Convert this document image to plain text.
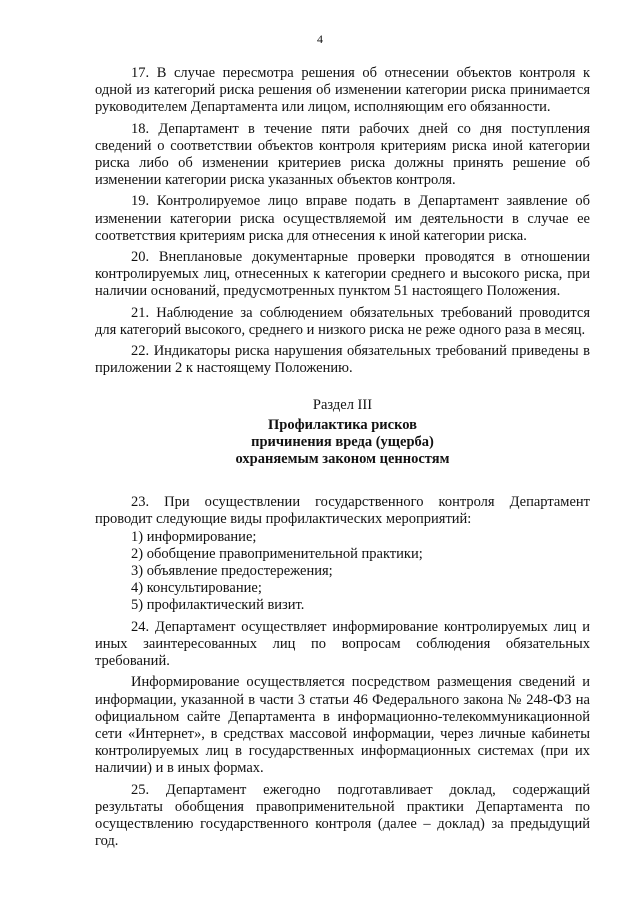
4

17. В случае пересмотра решения об отнесении объектов контроля к одной из категорий риска решения об изменении категории риска принимается руководителем Департамента или лицом, исполняющим его обязанности.

18. Департамент в течение пяти рабочих дней со дня поступления сведений о соответствии объектов контроля критериям риска иной категории риска либо об изменении критериев риска должны принять решение об изменении категории риска указанных объектов контроля.

19. Контролируемое лицо вправе подать в Департамент заявление об изменении категории риска осуществляемой им деятельности в случае ее соответствия критериям риска для отнесения к иной категории риска.

20. Внеплановые документарные проверки проводятся в отношении контролируемых лиц, отнесенных к категории среднего и высокого риска, при наличии оснований, предусмотренных пунктом 51 настоящего Положения.

21. Наблюдение за соблюдением обязательных требований проводится для категорий высокого, среднего и низкого риска не реже одного раза в месяц.

22. Индикаторы риска нарушения обязательных требований приведены в приложении 2 к настоящему Положению.

Раздел III
Профилактика рисков
причинения вреда (ущерба)
охраняемым законом ценностям

23. При осуществлении государственного контроля Департамент проводит следующие виды профилактических мероприятий:

1) информирование;
2) обобщение правоприменительной практики;
3) объявление предостережения;
4) консультирование;
5) профилактический визит.

24. Департамент осуществляет информирование контролируемых лиц и иных заинтересованных лиц по вопросам соблюдения обязательных требований.

Информирование осуществляется посредством размещения сведений и информации, указанной в части 3 статьи 46 Федерального закона № 248-ФЗ на официальном сайте Департамента в информационно-телекоммуникационной сети «Интернет», в средствах массовой информации, через личные кабинеты контролируемых лиц в государственных информационных системах (при их наличии) и в иных формах.

25. Департамент ежегодно подготавливает доклад, содержащий результаты обобщения правоприменительной практики Департамента по осуществлению государственного контроля (далее – доклад) за предыдущий год.
